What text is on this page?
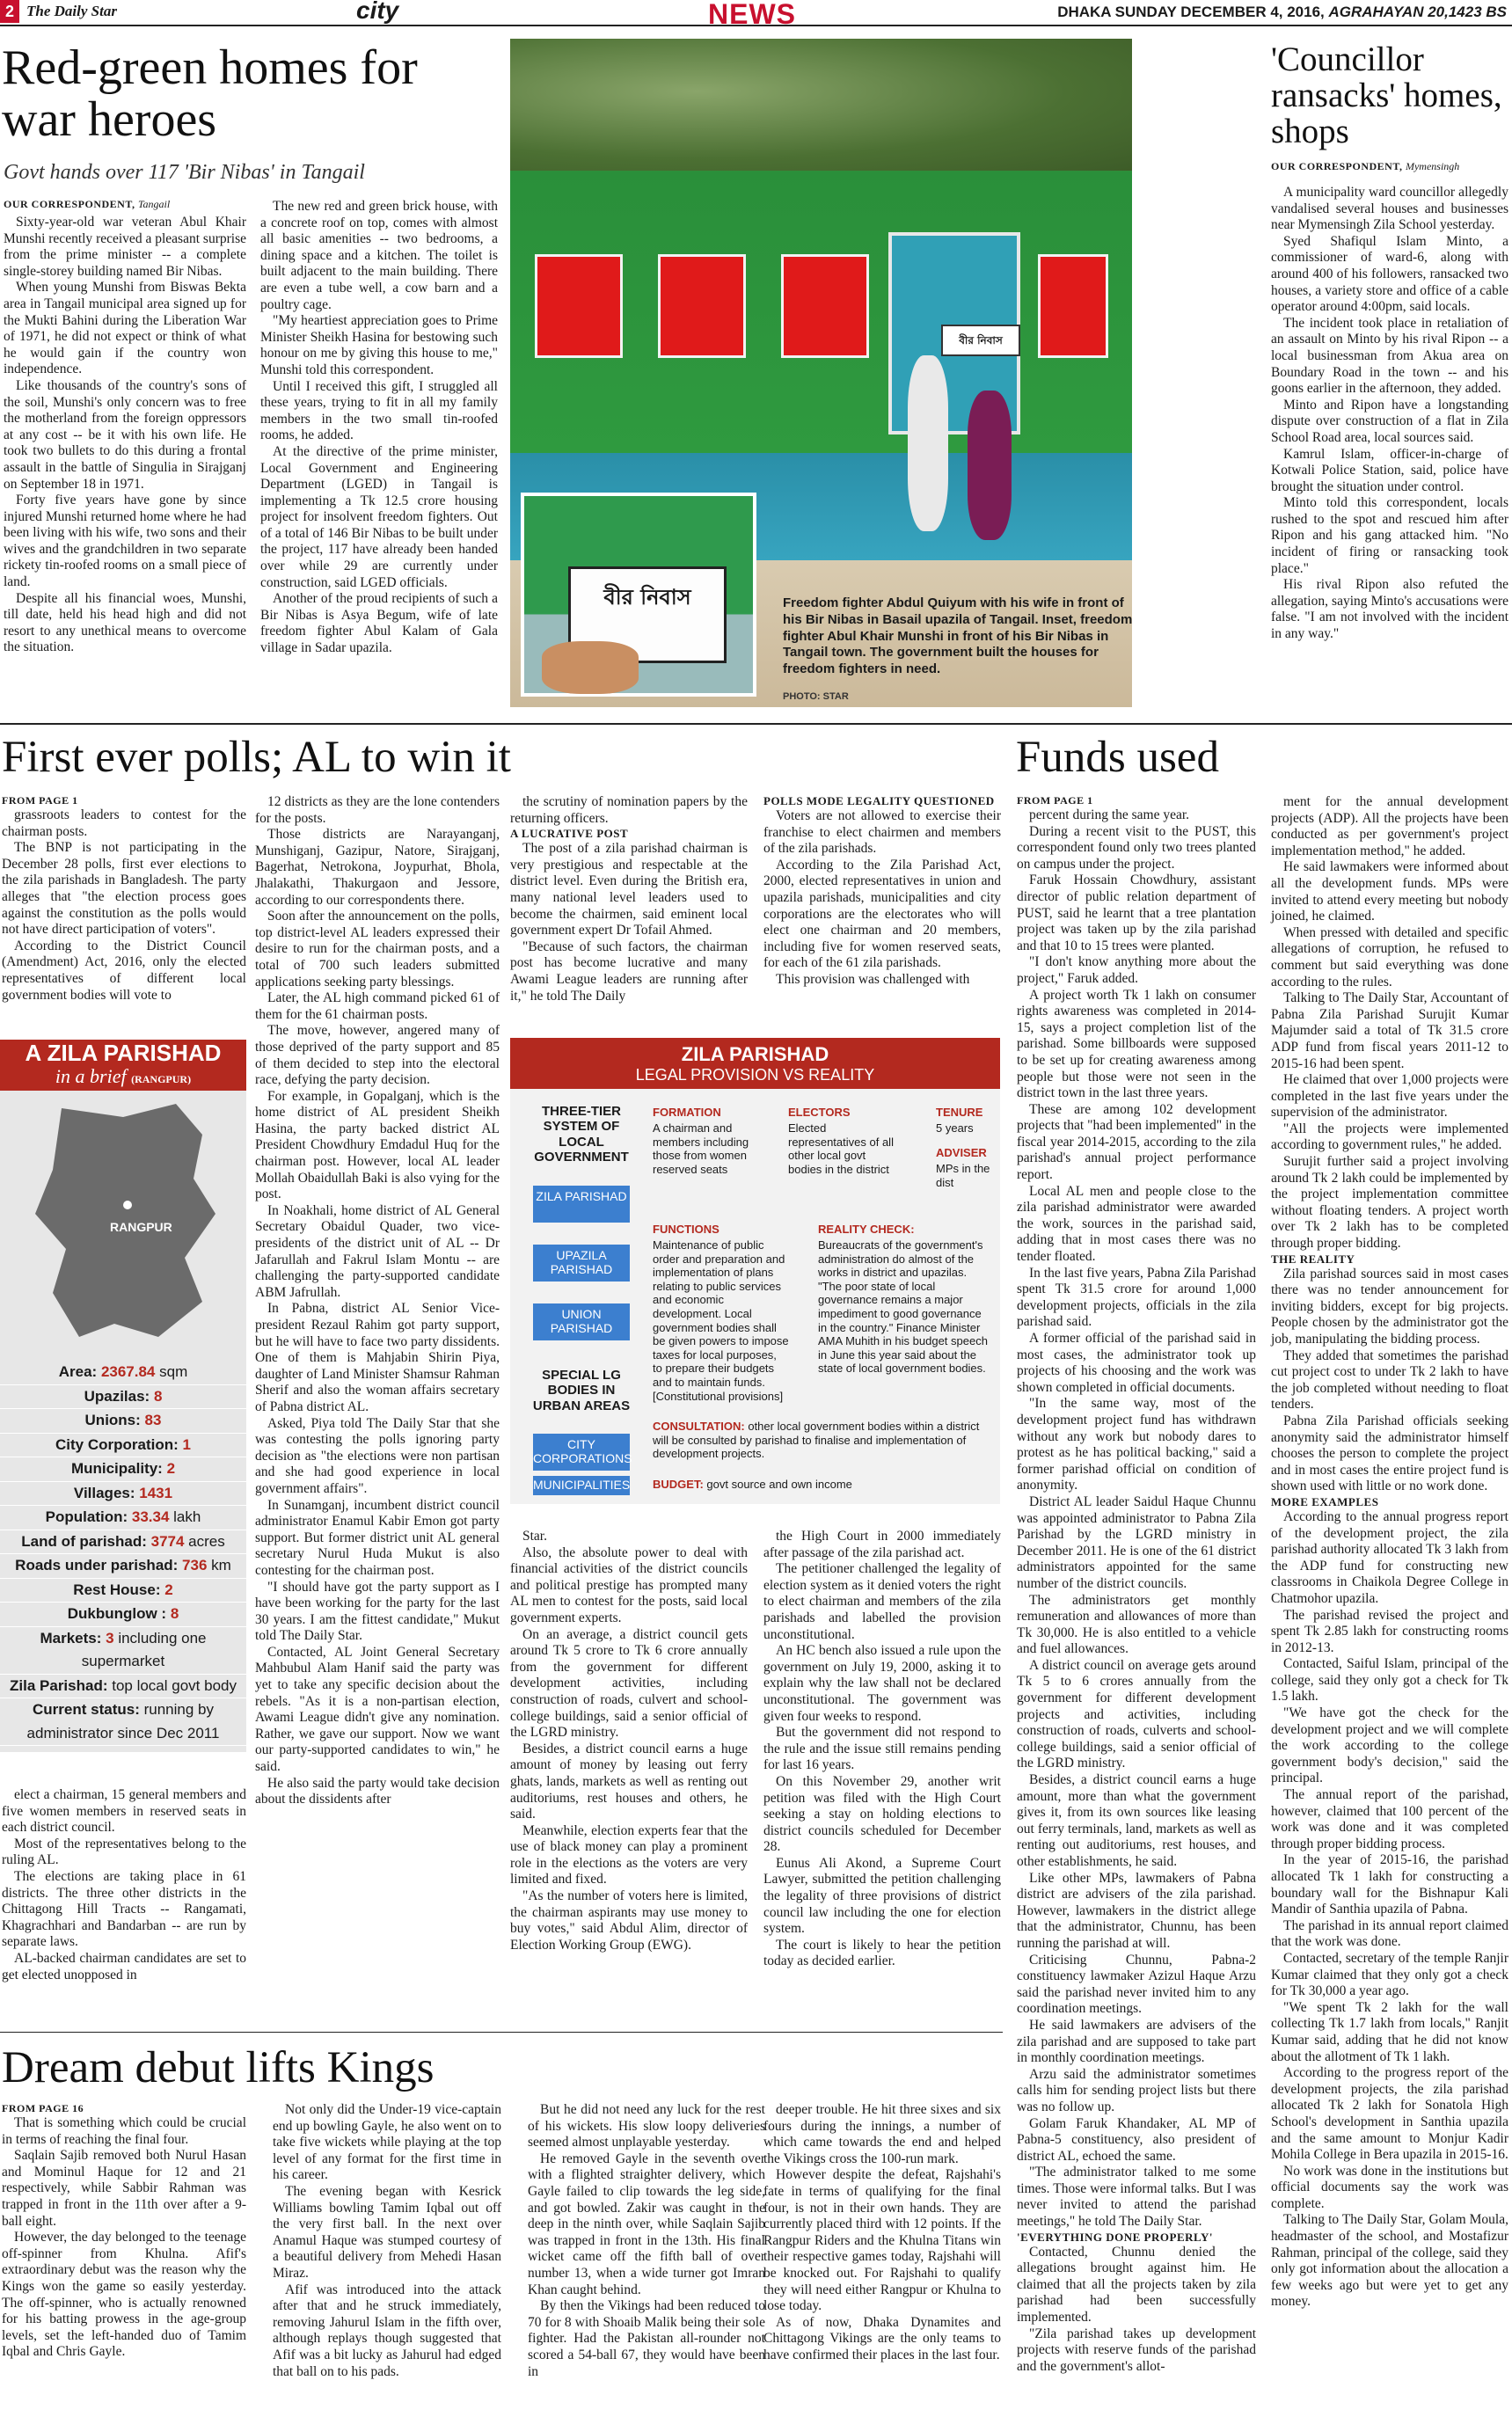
2 The Daily Star	city	NEWS	DHAKA SUNDAY DECEMBER 4, 2016, AGRAHAYAN 20,1423 BS
Red-green homes for war heroes
Govt hands over 117 'Bir Nibas' in Tangail
OUR CORRESPONDENT, Tangail

Sixty-year-old war veteran Abul Khair Munshi recently received a pleasant surprise from the prime minister -- a complete single-storey building named Bir Nibas.

When young Munshi from Biswas Bekta area in Tangail municipal area signed up for the Mukti Bahini during the Liberation War of 1971, he did not expect or think of what he would gain if the country won independence.

Like thousands of the country's sons of the soil, Munshi's only concern was to free the motherland from the foreign oppressors at any cost -- be it with his own life. He took two bullets to do this during a frontal assault in the battle of Singulia in Sirajganj on September 18 in 1971.

Forty five years have gone by since injured Munshi returned home where he had been living with his wife, two sons and their wives and the grandchildren in two separate rickety tin-roofed rooms on a small piece of land.

Despite all his financial woes, Munshi, till date, held his head high and did not resort to any unethical means to overcome the situation.

The new red and green brick house, with a concrete roof on top, comes with almost all basic amenities -- two bedrooms, a dining space and a kitchen. The toilet is built adjacent to the main building. There are even a tube well, a cow barn and a poultry cage.

"My heartiest appreciation goes to Prime Minister Sheikh Hasina for bestowing such honour on me by giving this house to me," Munshi told this correspondent.

Until I received this gift, I struggled all these years, trying to fit in all my family members in the two small tin-roofed rooms, he added.

At the directive of the prime minister, Local Government and Engineering Department (LGED) in Tangail is implementing a Tk 12.5 crore housing project for insolvent freedom fighters. Out of a total of 146 Bir Nibas to be built under the project, 117 have already been handed over while 29 are currently under construction, said LGED officials.

Another of the proud recipients of such a Bir Nibas is Asya Begum, wife of late freedom fighter Abul Kalam of Gala village in Sadar upazila.

বীর নিবাস
বীর নিবাস	Freedom fighter Abdul Quiyum with his wife in front of his Bir Nibas in Basail upazila of Tangail. Inset, freedom fighter Abul Khair Munshi in front of his Bir Nibas in Tangail town. The government built the houses for freedom fighters in need.
PHOTO: STAR
'Councillor ransacks' homes, shops
OUR CORRESPONDENT, Mymensingh

A municipality ward councillor allegedly vandalised several houses and businesses near Mymensingh Zila School yesterday.

Syed Shafiqul Islam Minto, a commissioner of ward-6, along with around 400 of his followers, ransacked two houses, a variety store and office of a cable operator around 4:00pm, said locals.

The incident took place in retaliation of an assault on Minto by his rival Ripon -- a local businessman from Akua area on Boundary Road in the town -- and his goons earlier in the afternoon, they added.

Minto and Ripon have a longstanding dispute over construction of a flat in Zila School Road area, local sources said.

Kamrul Islam, officer-in-charge of Kotwali Police Station, said, police have brought the situation under control.

Minto told this correspondent, locals rushed to the spot and rescued him after Ripon and his gang attacked him. "No incident of firing or ransacking took place."

His rival Ripon also refuted the allegation, saying Minto's accusations were false. "I am not involved with the incident in any way."

First ever polls; AL to win it
FROM PAGE 1

grassroots leaders to contest for the chairman posts.

The BNP is not participating in the December 28 polls, first ever elections to the zila parishads in Bangladesh. The party alleges that "the election process goes against the constitution as the polls would not have direct participation of voters".

According to the District Council (Amendment) Act, 2016, only the elected representatives of different local government bodies will vote to

elect a chairman, 15 general members and five women members in reserved seats in each district council.

Most of the representatives belong to the ruling AL.

The elections are taking place in 61 districts. The three other districts in the Chittagong Hill Tracts -- Rangamati, Khagrachhari and Bandarban -- are run by separate laws.

AL-backed chairman candidates are set to get elected unopposed in

12 districts as they are the lone contenders for the posts.

Those districts are Narayanganj, Munshiganj, Gazipur, Natore, Sirajganj, Bagerhat, Netrokona, Joypurhat, Bhola, Jhalakathi, Thakurgaon and Jessore, according to our correspondents there.

Soon after the announcement on the polls, top district-level AL leaders expressed their desire to run for the chairman posts, and a total of 700 such leaders submitted applications seeking party blessings.

Later, the AL high command picked 61 of them for the 61 chairman posts.

The move, however, angered many of those deprived of the party support and 85 of them decided to step into the electoral race, defying the party decision.

For example, in Gopalganj, which is the home district of AL president Sheikh Hasina, the party backed district AL President Chowdhury Emdadul Huq for the chairman post. However, local AL leader Mollah Obaidullah Baki is also vying for the post.

In Noakhali, home district of AL General Secretary Obaidul Quader, two vice-presidents of the district unit of AL -- Dr Jafarullah and Fakrul Islam Montu -- are challenging the party-supported candidate ABM Jafrullah.

In Pabna, district AL Senior Vice-president Rezaul Rahim got party support, but he will have to face two party dissidents. One of them is Mahjabin Shirin Piya, daughter of Land Minister Shamsur Rahman Sherif and also the woman affairs secretary of Pabna district AL.

Asked, Piya told The Daily Star that she was contesting the polls ignoring party decision as "the elections were non partisan and she had good experience in local government affairs".

In Sunamganj, incumbent district council administrator Enamul Kabir Emon got party support. But former district unit AL general secretary Nurul Huda Mukut is also contesting for the chairman post.

"I should have got the party support as I have been working for the party for the last 30 years. I am the fittest candidate," Mukut told The Daily Star.

Contacted, AL Joint General Secretary Mahbubul Alam Hanif said the party was yet to take any specific decision about the rebels. "As it is a non-partisan election, Awami League didn't give any nomination. Rather, we gave our support. Now we want our party-supported candidates to win," he said.

He also said the party would take decision about the dissidents after

the scrutiny of nomination papers by the returning officers.

A LUCRATIVE POST

The post of a zila parishad chairman is very prestigious and respectable at the district level. Even during the British era, many national level leaders used to become the chairmen, said eminent local government expert Dr Tofail Ahmed.

"Because of such factors, the chairman post has become lucrative and many Awami League leaders are running after it," he told The Daily

POLLS MODE LEGALITY QUESTIONED

Voters are not allowed to exercise their franchise to elect chairmen and members of the zila parishads.

According to the Zila Parishad Act, 2000, elected representatives in union and upazila parishads, municipalities and city corporations are the electorates who will elect one chairman and 20 members, including five for women reserved seats, for each of the 61 zila parishads.

This provision was challenged with

Star.

Also, the absolute power to deal with financial activities of the district councils and political prestige has prompted many AL men to contest for the posts, said local government experts.

On an average, a district council gets around Tk 5 crore to Tk 6 crore annually from the government for different development activities, including construction of roads, culvert and school-college buildings, said a senior official of the LGRD ministry.

Besides, a district council earns a huge amount of money by leasing out ferry ghats, lands, markets as well as renting out auditoriums, rest houses and others, he said.

Meanwhile, election experts fear that the use of black money can play a prominent role in the elections as the voters are very limited and fixed.

"As the number of voters here is limited, the chairman aspirants may use money to buy votes," said Abdul Alim, director of Election Working Group (EWG).

the High Court in 2000 immediately after passage of the zila parishad act.

The petitioner challenged the legality of election system as it denied voters the right to elect chairman and members of the zila parishads and labelled the provision unconstitutional.

An HC bench also issued a rule upon the government on July 19, 2000, asking it to explain why the law shall not be declared unconstitutional. The government was given four weeks to respond.

But the government did not respond to the rule and the issue still remains pending for last 16 years.

On this November 29, another writ petition was filed with the High Court seeking a stay on holding elections to district councils scheduled for December 28.

Eunus Ali Akond, a Supreme Court Lawyer, submitted the petition challenging the legality of three provisions of district council law including the one for election system.

The court is likely to hear the petition today as decided earlier.

A ZILA PARISHAD
in a brief (RANGPUR)
RANGPUR
Area: 2367.84 sqm
Upazilas: 8
Unions: 83
City Corporation: 1
Municipality: 2
Villages: 1431
Population: 33.34 lakh
Land of parishad: 3774 acres
Roads under parishad: 736 km
Rest House: 2
Dukbunglow : 8
Markets: 3 including one supermarket
Zila Parishad: top local govt body
Current status: running by administrator since Dec 2011
ZILA PARISHAD
LEGAL PROVISION VS REALITY
THREE-TIER SYSTEM OF LOCAL GOVERNMENT
ZILA PARISHAD
UPAZILA PARISHAD
UNION PARISHAD
SPECIAL LG BODIES IN URBAN AREAS
CITY CORPORATIONS
MUNICIPALITIES
FORMATION
A chairman and members including those from women reserved seats
ELECTORS
Elected representatives of all other local govt bodies in the district
TENURE
5 years
ADVISER
MPs in the dist
FUNCTIONS
Maintenance of public order and preparation and implementation of plans relating to public services and economic development. Local government bodies shall be given powers to impose taxes for local purposes, to prepare their budgets and to maintain funds. [Constitutional provisions]
REALITY CHECK:
Bureaucrats of the government's administration do almost of the works in district and upazilas. "The poor state of local governance remains a major impediment to good governance in the country." Finance Minister AMA Muhith in his budget speech in June this year said about the state of local government bodies.
CONSULTATION: other local government bodies within a district will be consulted by parishad to finalise and implementation of development projects.
BUDGET: govt source and own income
Funds used
FROM PAGE 1

percent during the same year.

During a recent visit to the PUST, this correspondent found only two trees planted on campus under the project.

Faruk Hossain Chowdhury, assistant director of public relation department of PUST, said he learnt that a tree plantation project was taken up by the zila parishad and that 10 to 15 trees were planted.

"I don't know anything more about the project," Faruk added.

A project worth Tk 1 lakh on consumer rights awareness was completed in 2014-15, says a project completion list of the parishad. Some billboards were supposed to be set up for creating awareness among people but those were not seen in the district town in the last three years.

These are among 102 development projects that "had been implemented" in the fiscal year 2014-2015, according to the zila parishad's annual project performance report.

Local AL men and people close to the zila parishad administrator were awarded the work, sources in the parishad said, adding that in most cases there was no tender floated.

In the last five years, Pabna Zila Parishad spent Tk 31.5 crore for around 1,000 development projects, officials in the zila parishad said.

A former official of the parishad said in most cases, the administrator took up projects of his choosing and the work was shown completed in official documents.

"In the same way, most of the development project fund has withdrawn without any work but nobody dares to protest as he has political backing," said a former parishad official on condition of anonymity.

District AL leader Saidul Haque Chunnu was appointed administrator to Pabna Zila Parishad by the LGRD ministry in December 2011. He is one of the 61 district administrators appointed for the same number of the district councils.

The administrators get monthly remuneration and allowances of more than Tk 30,000. He is also entitled to a vehicle and fuel allowances.

A district council on average gets around Tk 5 to 6 crores annually from the government for different development projects and activities, including construction of roads, culverts and school-college buildings, said a senior official of the LGRD ministry.

Besides, a district council earns a huge amount, more than what the government gives it, from its own sources like leasing out ferry terminals, land, markets as well as renting out auditoriums, rest houses, and other establishments, he said.

Like other MPs, lawmakers of Pabna district are advisers of the zila parishad. However, lawmakers in the district allege that the administrator, Chunnu, has been running the parishad at will.

Criticising Chunnu, Pabna-2 constituency lawmaker Azizul Haque Arzu said the parishad never invited him to any coordination meetings.

He said lawmakers are advisers of the zila parishad and are supposed to take part in monthly coordination meetings.

Arzu said the administrator sometimes calls him for sending project lists but there was no follow up.

Golam Faruk Khandaker, AL MP of Pabna-5 constituency, also president of district AL, echoed the same.

"The administrator talked to me some times. Those were informal talks. But I was never invited to attend the parishad meetings," he told The Daily Star.

'EVERYTHING DONE PROPERLY'

Contacted, Chunnu denied the allegations brought against him. He claimed that all the projects taken by zila parishad had been successfully implemented.

"Zila parishad takes up development projects with reserve funds of the parishad and the government's allot-

ment for the annual development projects (ADP). All the projects have been conducted as per government's project implementation method," he added.

He said lawmakers were informed about all the development funds. MPs were invited to attend every meeting but nobody joined, he claimed.

When pressed with detailed and specific allegations of corruption, he refused to comment but said everything was done according to the rules.

Talking to The Daily Star, Accountant of Pabna Zila Parishad Surujit Kumar Majumder said a total of Tk 31.5 crore ADP fund from fiscal years 2011-12 to 2015-16 had been spent.

He claimed that over 1,000 projects were completed in the last five years under the supervision of the administrator.

"All the projects were implemented according to government rules," he added.

Surujit further said a project involving around Tk 2 lakh could be implemented by the project implementation committee without floating tenders. A project worth over Tk 2 lakh has to be completed through proper bidding.

THE REALITY

Zila parishad sources said in most cases there was no tender announcement for inviting bidders, except for big projects. People chosen by the administrator got the job, manipulating the bidding process.

They added that sometimes the parishad cut project cost to under Tk 2 lakh to have the job completed without needing to float tenders.

Pabna Zila Parishad officials seeking anonymity said the administrator himself chooses the person to complete the project and in most cases the entire project fund is shown used with little or no work done.

MORE EXAMPLES

According to the annual progress report of the development project, the zila parishad authority allocated Tk 3 lakh from the ADP fund for constructing new classrooms in Chaikola Degree College in Chatmohor upazila.

The parishad revised the project and spent Tk 2.85 lakh for constructing rooms in 2012-13.

Contacted, Saiful Islam, principal of the college, said they only got a check for Tk 1.5 lakh.

"We have got the check for the development project and we will complete the work according to the college government body's decision," said the principal.

The annual report of the parishad, however, claimed that 100 percent of the work was done and it was completed through proper bidding process.

In the year of 2015-16, the parishad allocated Tk 1 lakh for constructing a boundary wall for the Bishnapur Kali Mandir of Santhia upazila of Pabna.

The parishad in its annual report claimed that the work was done.

Contacted, secretary of the temple Ranjir Kumar claimed that they only got a check for Tk 30,000 a year ago.

"We spent Tk 2 lakh for the wall collecting Tk 1.7 lakh from locals," Ranjit Kumar said, adding that he did not know about the allotment of Tk 1 lakh.

According to the progress report of the development projects, the zila parishad allocated Tk 2 lakh for Sonatola High School's development in Santhia upazila and the same amount to Monjur Kadir Mohila College in Bera upazila in 2015-16.

No work was done in the institutions but official documents say the work was complete.

Talking to The Daily Star, Golam Moula, headmaster of the school, and Mostafizur Rahman, principal of the college, said they only got information about the allocation a few weeks ago but were yet to get any money.

Dream debut lifts Kings
FROM PAGE 16

That is something which could be crucial in terms of reaching the final four.

Saqlain Sajib removed both Nurul Hasan and Mominul Haque for 12 and 21 respectively, while Sabbir Rahman was trapped in front in the 11th over after a 9-ball eight.

However, the day belonged to the teenage off-spinner from Khulna. Afif's extraordinary debut was the reason why the Kings won the game so easily yesterday. The off-spinner, who is actually renowned for his batting prowess in the age-group levels, set the left-handed duo of Tamim Iqbal and Chris Gayle.

Not only did the Under-19 vice-captain end up bowling Gayle, he also went on to take five wickets while playing at the top level of any format for the first time in his career.

The evening began with Kesrick Williams bowling Tamim Iqbal out off the very first ball. In the next over Anamul Haque was stumped courtesy of a beautiful delivery from Mehedi Hasan Miraz.

Afif was introduced into the attack after that and he struck immediately, removing Jahurul Islam in the fifth over, although replays though suggested that Afif was a bit lucky as Jahurul had edged that ball on to his pads.

But he did not need any luck for the rest of his wickets. His slow loopy deliveries seemed almost unplayable yesterday.

He removed Gayle in the seventh over with a flighted straighter delivery, which Gayle failed to clip towards the leg side, and got bowled. Zakir was caught in the deep in the ninth over, while Saqlain Sajib was trapped in front in the 13th. His final wicket came off the fifth ball of over number 13, when a wide turner got Imran Khan caught behind.

By then the Vikings had been reduced to 70 for 8 with Shoaib Malik being their sole fighter. Had the Pakistan all-rounder not scored a 54-ball 67, they would have been in

deeper trouble. He hit three sixes and six fours during the innings, a number of which came towards the end and helped the Vikings cross the 100-run mark.

However despite the defeat, Rajshahi's fate in terms of qualifying for the final four, is not in their own hands. They are currently placed third with 12 points. If the Rangpur Riders and the Khulna Titans win their respective games today, Rajshahi will be knocked out. For Rajshahi to qualify they will need either Rangpur or Khulna to lose today.

As of now, Dhaka Dynamites and Chittagong Vikings are the only teams to have confirmed their places in the last four.
